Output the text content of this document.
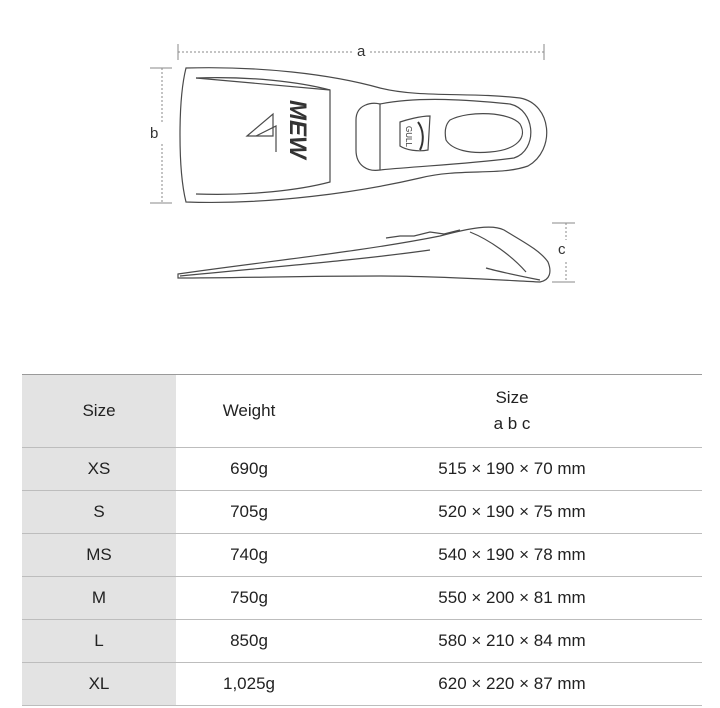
MEW	GULL
a
b
c
Size	Weight	Size
a b c

XS	690g	515 × 190 × 70 mm
S	705g	520 × 190 × 75 mm
MS	740g	540 × 190 × 78 mm
M	750g	550 × 200 × 81 mm
L	850g	580 × 210 × 84 mm
XL	1,025g	620 × 220 × 87 mm
